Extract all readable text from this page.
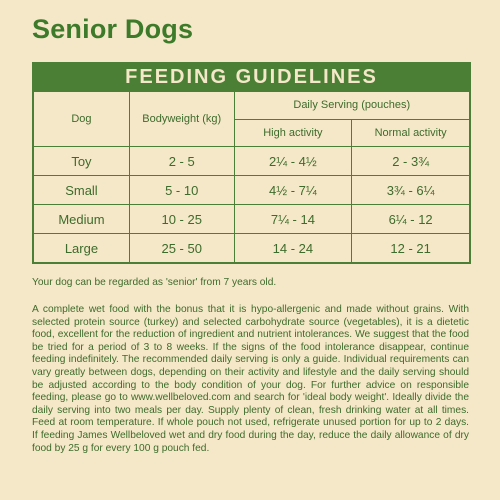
Senior Dogs
FEEDING GUIDELINES
Dog	Bodyweight (kg)	Daily Serving (pouches)	
		High activity	Normal activity
Toy	2 - 5	2¼ - 4½	2 - 3¾
Small	5 - 10	4½ - 7¼	3¾ - 6¼
Medium	10 - 25	7¼ - 14	6¼ - 12
Large	25 - 50	14 - 24	12 - 21
Your dog can be regarded as 'senior' from 7 years old.
A complete wet food with the bonus that it is hypo-allergenic and made without grains. With selected protein source (turkey) and selected carbohydrate source (vegetables), it is a dietetic food, excellent for the reduction of ingredient and nutrient intolerances. We suggest that the food be tried for a period of 3 to 8 weeks. If the signs of the food intolerance disappear, continue feeding indefinitely. The recommended daily serving is only a guide. Individual requirements can vary greatly between dogs, depending on their activity and lifestyle and the daily serving should be adjusted according to the body condition of your dog. For further advice on responsible feeding, please go to www.wellbeloved.com and search for 'ideal body weight'. Ideally divide the daily serving into two meals per day. Supply plenty of clean, fresh drinking water at all times. Feed at room temperature. If whole pouch not used, refrigerate unused portion for up to 2 days. If feeding James Wellbeloved wet and dry food during the day, reduce the daily allowance of dry food by 25 g for every 100 g pouch fed.
